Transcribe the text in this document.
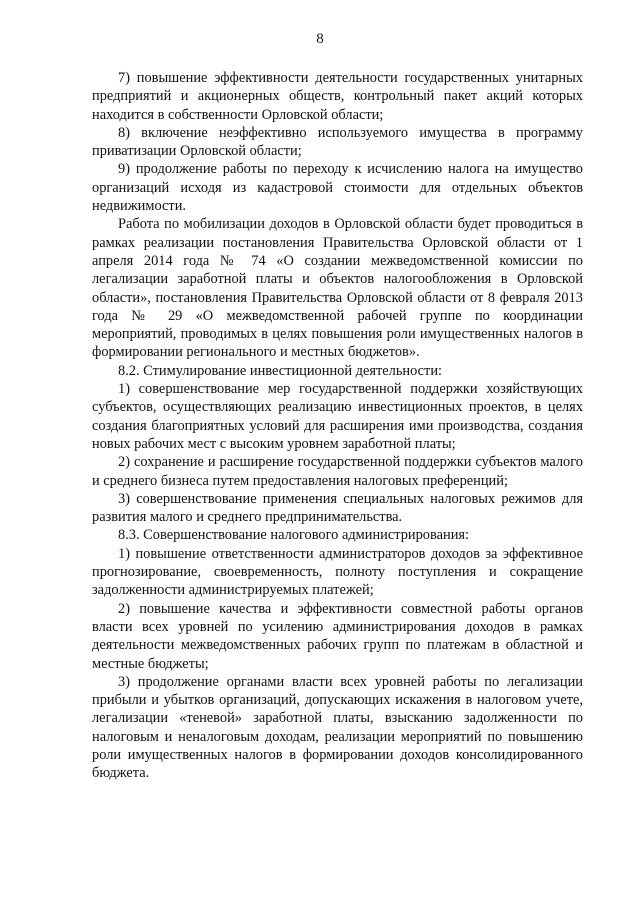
8

7) повышение эффективности деятельности государственных унитарных предприятий и акционерных обществ, контрольный пакет акций которых находится в собственности Орловской области;

8) включение неэффективно используемого имущества в программу приватизации Орловской области;

9) продолжение работы по переходу к исчислению налога на имущество организаций исходя из кадастровой стоимости для отдельных объектов недвижимости.

Работа по мобилизации доходов в Орловской области будет проводиться в рамках реализации постановления Правительства Орловской области от 1 апреля 2014 года № 74 «О создании межведомственной комиссии по легализации заработной платы и объектов налогообложения в Орловской области», постановления Правительства Орловской области от 8 февраля 2013 года № 29 «О межведомственной рабочей группе по координации мероприятий, проводимых в целях повышения роли имущественных налогов в формировании регионального и местных бюджетов».

8.2. Стимулирование инвестиционной деятельности:

1) совершенствование мер государственной поддержки хозяйствующих субъектов, осуществляющих реализацию инвестиционных проектов, в целях создания благоприятных условий для расширения ими производства, создания новых рабочих мест с высоким уровнем заработной платы;

2) сохранение и расширение государственной поддержки субъектов малого и среднего бизнеса путем предоставления налоговых преференций;

3) совершенствование применения специальных налоговых режимов для развития малого и среднего предпринимательства.

8.3. Совершенствование налогового администрирования:

1) повышение ответственности администраторов доходов за эффективное прогнозирование, своевременность, полноту поступления и сокращение задолженности администрируемых платежей;

2) повышение качества и эффективности совместной работы органов власти всех уровней по усилению администрирования доходов в рамках деятельности межведомственных рабочих групп по платежам в областной и местные бюджеты;

3) продолжение органами власти всех уровней работы по легализации прибыли и убытков организаций, допускающих искажения в налоговом учете, легализации «теневой» заработной платы, взысканию задолженности по налоговым и неналоговым доходам, реализации мероприятий по повышению роли имущественных налогов в формировании доходов консолидированного бюджета.
